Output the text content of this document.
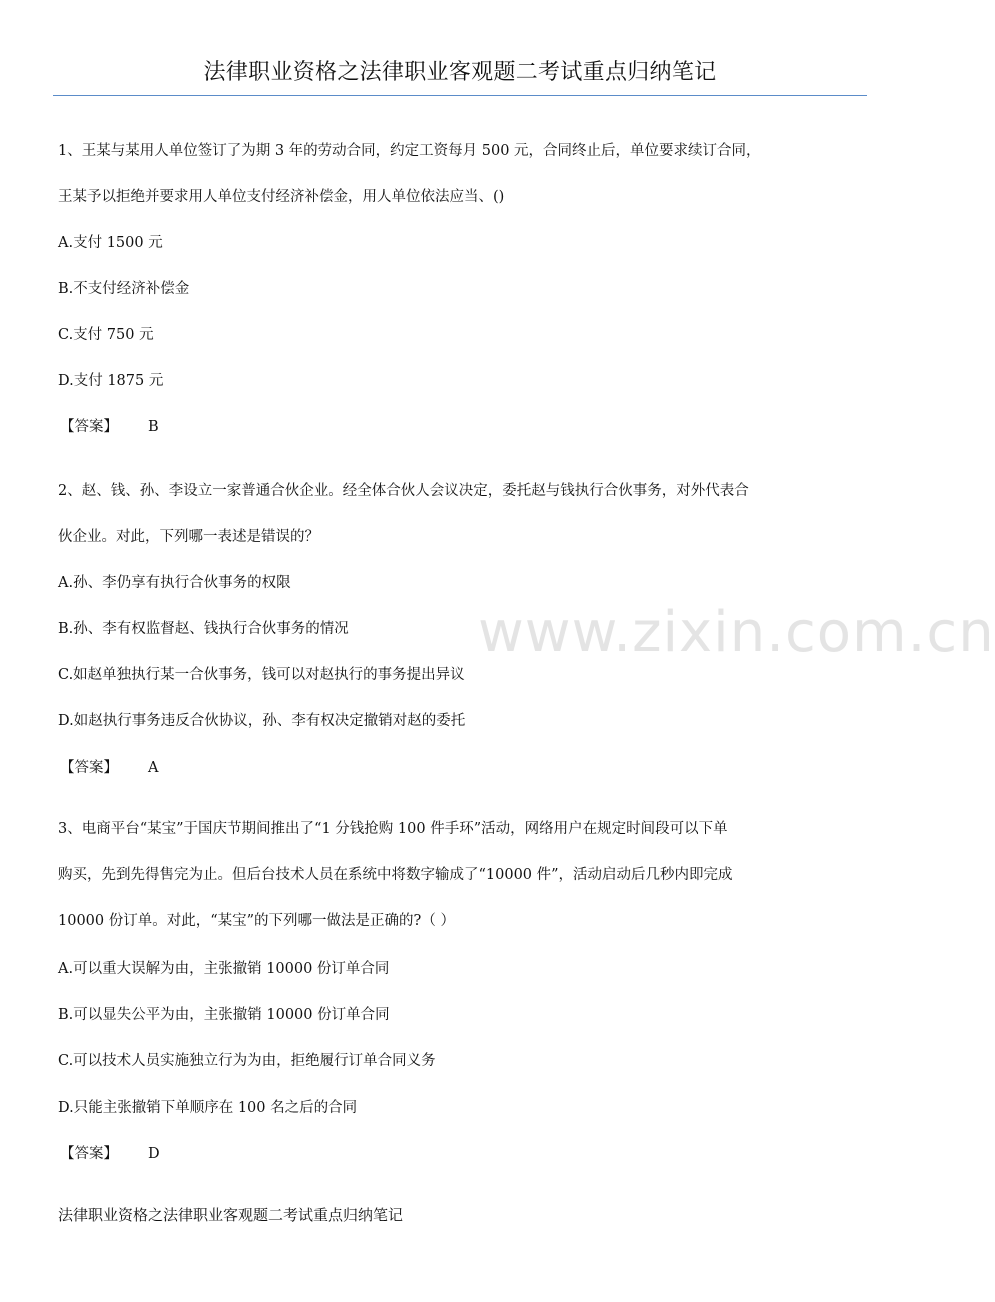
法律职业资格之法律职业客观题二考试重点归纳笔记
www.zixin.com.cn
1、王某与某用人单位签订了为期 3 年的劳动合同，约定工资每月 500 元，合同终止后，单位要求续订合同，
王某予以拒绝并要求用人单位支付经济补偿金，用人单位依法应当、()
A.支付 1500 元
B.不支付经济补偿金
C.支付 750 元
D.支付 1875 元
【答案】 B
2、赵、钱、孙、李设立一家普通合伙企业。经全体合伙人会议决定，委托赵与钱执行合伙事务，对外代表合
伙企业。对此，下列哪一表述是错误的？
A.孙、李仍享有执行合伙事务的权限
B.孙、李有权监督赵、钱执行合伙事务的情况
C.如赵单独执行某一合伙事务，钱可以对赵执行的事务提出异议
D.如赵执行事务违反合伙协议，孙、李有权决定撤销对赵的委托
【答案】 A
3、电商平台“某宝”于国庆节期间推出了“1 分钱抢购 100 件手环”活动，网络用户在规定时间段可以下单
购买，先到先得售完为止。但后台技术人员在系统中将数字输成了“10000 件”，活动启动后几秒内即完成
10000 份订单。对此，“某宝”的下列哪一做法是正确的?（ ）
A.可以重大误解为由，主张撤销 10000 份订单合同
B.可以显失公平为由，主张撤销 10000 份订单合同
C.可以技术人员实施独立行为为由，拒绝履行订单合同义务
D.只能主张撤销下单顺序在 100 名之后的合同
【答案】 D
法律职业资格之法律职业客观题二考试重点归纳笔记
